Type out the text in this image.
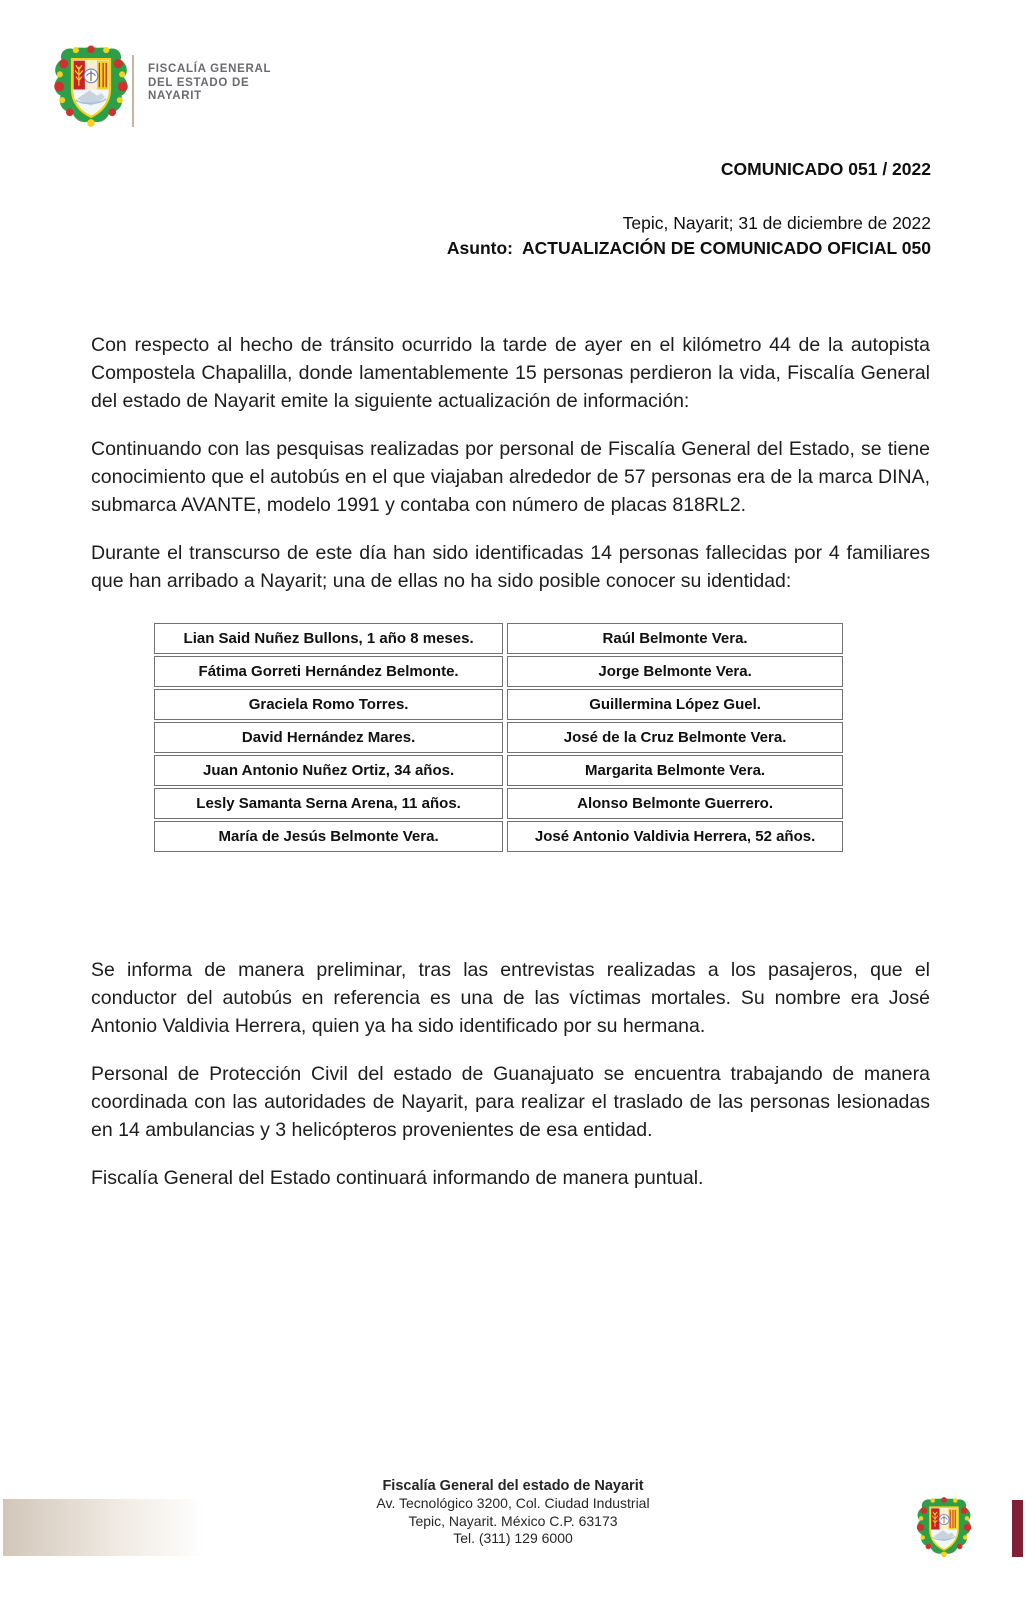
FISCALÍA GENERAL
DEL ESTADO DE
NAYARIT
COMUNICADO 051 / 2022
Tepic, Nayarit; 31 de diciembre de 2022
Asunto: ACTUALIZACIÓN DE COMUNICADO OFICIAL 050

Con respecto al hecho de tránsito ocurrido la tarde de ayer en el kilómetro 44 de la autopista Compostela Chapalilla, donde lamentablemente 15 personas perdieron la vida, Fiscalía General del estado de Nayarit emite la siguiente actualización de información:

Continuando con las pesquisas realizadas por personal de Fiscalía General del Estado, se tiene conocimiento que el autobús en el que viajaban alrededor de 57 personas era de la marca DINA, submarca AVANTE, modelo 1991 y contaba con número de placas 818RL2.

Durante el transcurso de este día han sido identificadas 14 personas fallecidas por 4 familiares que han arribado a Nayarit; una de ellas no ha sido posible conocer su identidad:

Lian Said Nuñez Bullons, 1 año 8 meses.	Raúl Belmonte Vera.
Fátima Gorreti Hernández Belmonte.	Jorge Belmonte Vera.
Graciela Romo Torres.	Guillermina López Guel.
David Hernández Mares.	José de la Cruz Belmonte Vera.
Juan Antonio Nuñez Ortiz, 34 años.	Margarita Belmonte Vera.
Lesly Samanta Serna Arena, 11 años.	Alonso Belmonte Guerrero.
María de Jesús Belmonte Vera.	José Antonio Valdivia Herrera, 52 años.

Se informa de manera preliminar, tras las entrevistas realizadas a los pasajeros, que el conductor del autobús en referencia es una de las víctimas mortales. Su nombre era José Antonio Valdivia Herrera, quien ya ha sido identificado por su hermana.

Personal de Protección Civil del estado de Guanajuato se encuentra trabajando de manera coordinada con las autoridades de Nayarit, para realizar el traslado de las personas lesionadas en 14 ambulancias y 3 helicópteros provenientes de esa entidad.

Fiscalía General del Estado continuará informando de manera puntual.

Fiscalía General del estado de Nayarit
Av. Tecnológico 3200, Col. Ciudad Industrial
Tepic, Nayarit. México C.P. 63173
Tel. (311) 129 6000
